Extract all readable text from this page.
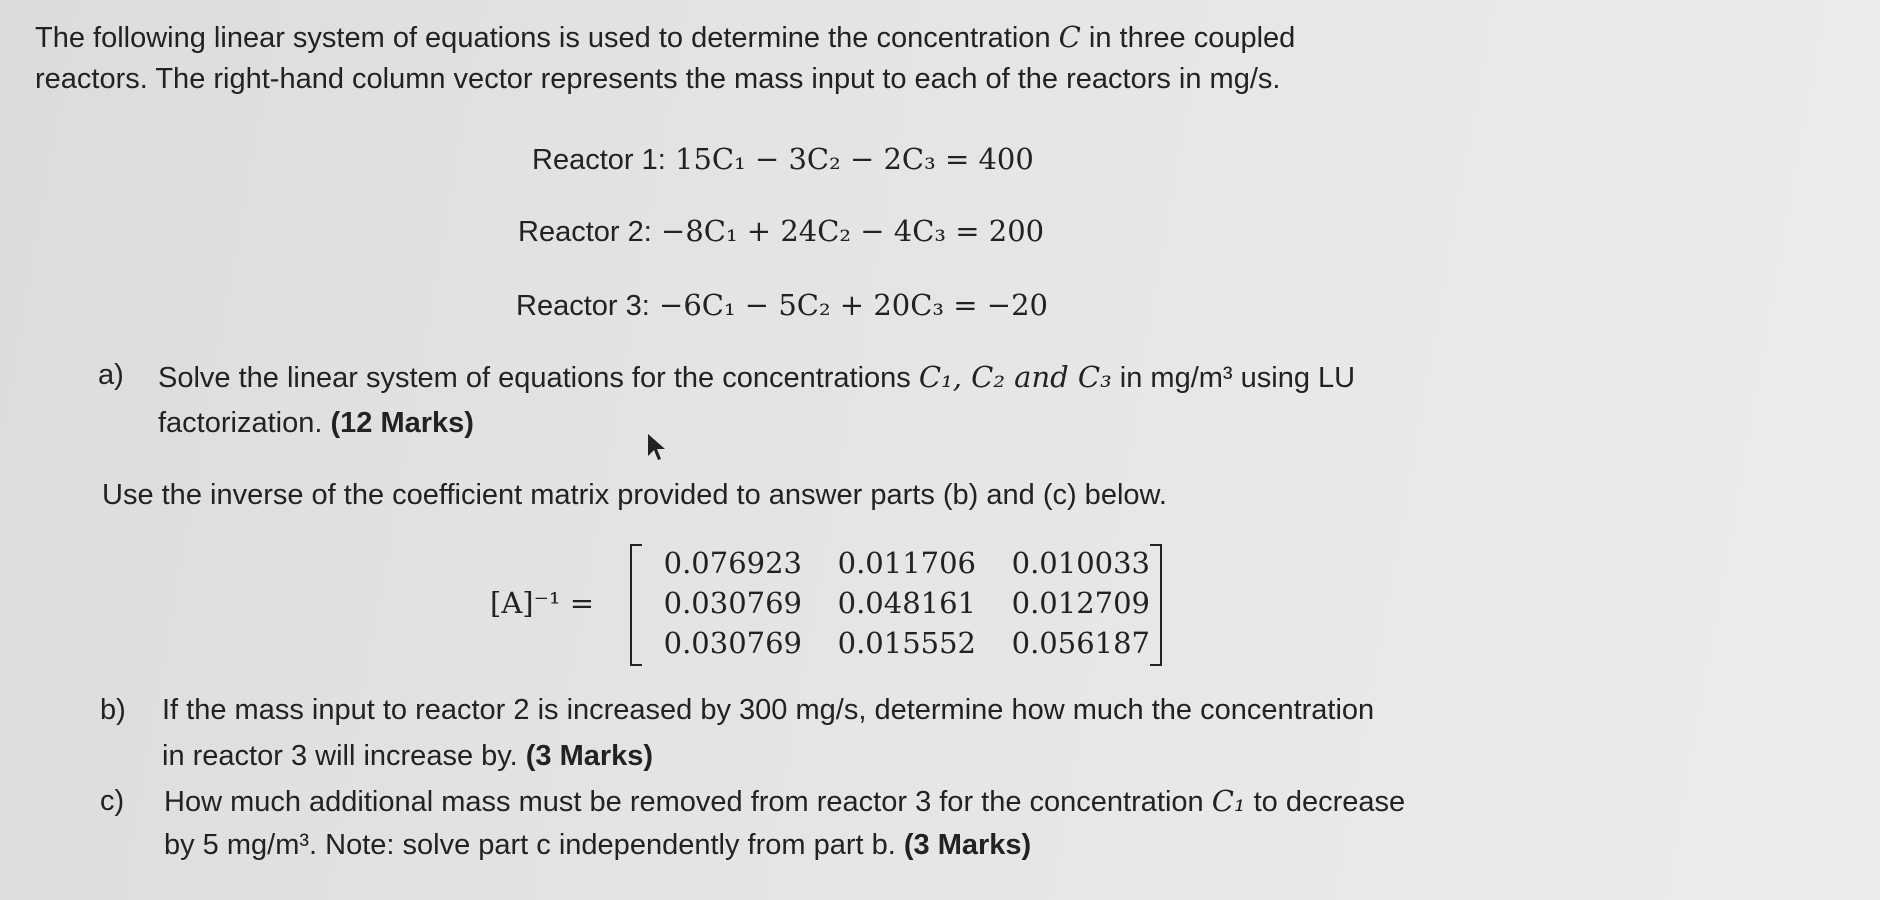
The following linear system of equations is used to determine the concentration C in three coupled
reactors. The right-hand column vector represents the mass input to each of the reactors in mg/s.
Reactor 1: 15C₁ − 3C₂ − 2C₃ = 400
Reactor 2: −8C₁ + 24C₂ − 4C₃ = 200
Reactor 3: −6C₁ − 5C₂ + 20C₃ = −20
a) Solve the linear system of equations for the concentrations C₁, C₂ and C₃ in mg/m³ using LU
factorization. (12 Marks)
Use the inverse of the coefficient matrix provided to answer parts (b) and (c) below.
[A]⁻¹ =
0.076923	0.011706	0.010033
0.030769	0.048161	0.012709
0.030769	0.015552	0.056187
b) If the mass input to reactor 2 is increased by 300 mg/s, determine how much the concentration
in reactor 3 will increase by. (3 Marks)
c) How much additional mass must be removed from reactor 3 for the concentration C₁ to decrease
by 5 mg/m³. Note: solve part c independently from part b. (3 Marks)
